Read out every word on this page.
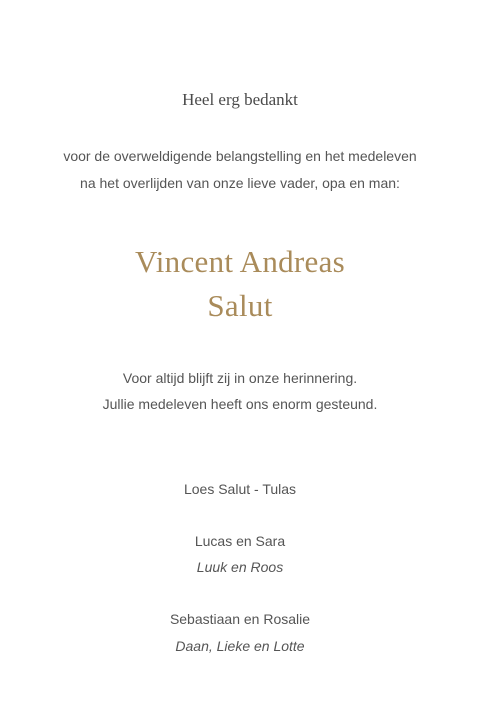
Heel erg bedankt
voor de overweldigende belangstelling en het medeleven
na het overlijden van onze lieve vader, opa en man:
Vincent Andreas
Salut
Voor altijd blijft zij in onze herinnering.
Jullie medeleven heeft ons enorm gesteund.
Loes Salut - Tulas
Lucas en Sara
Luuk en Roos
Sebastiaan en Rosalie
Daan, Lieke en Lotte
